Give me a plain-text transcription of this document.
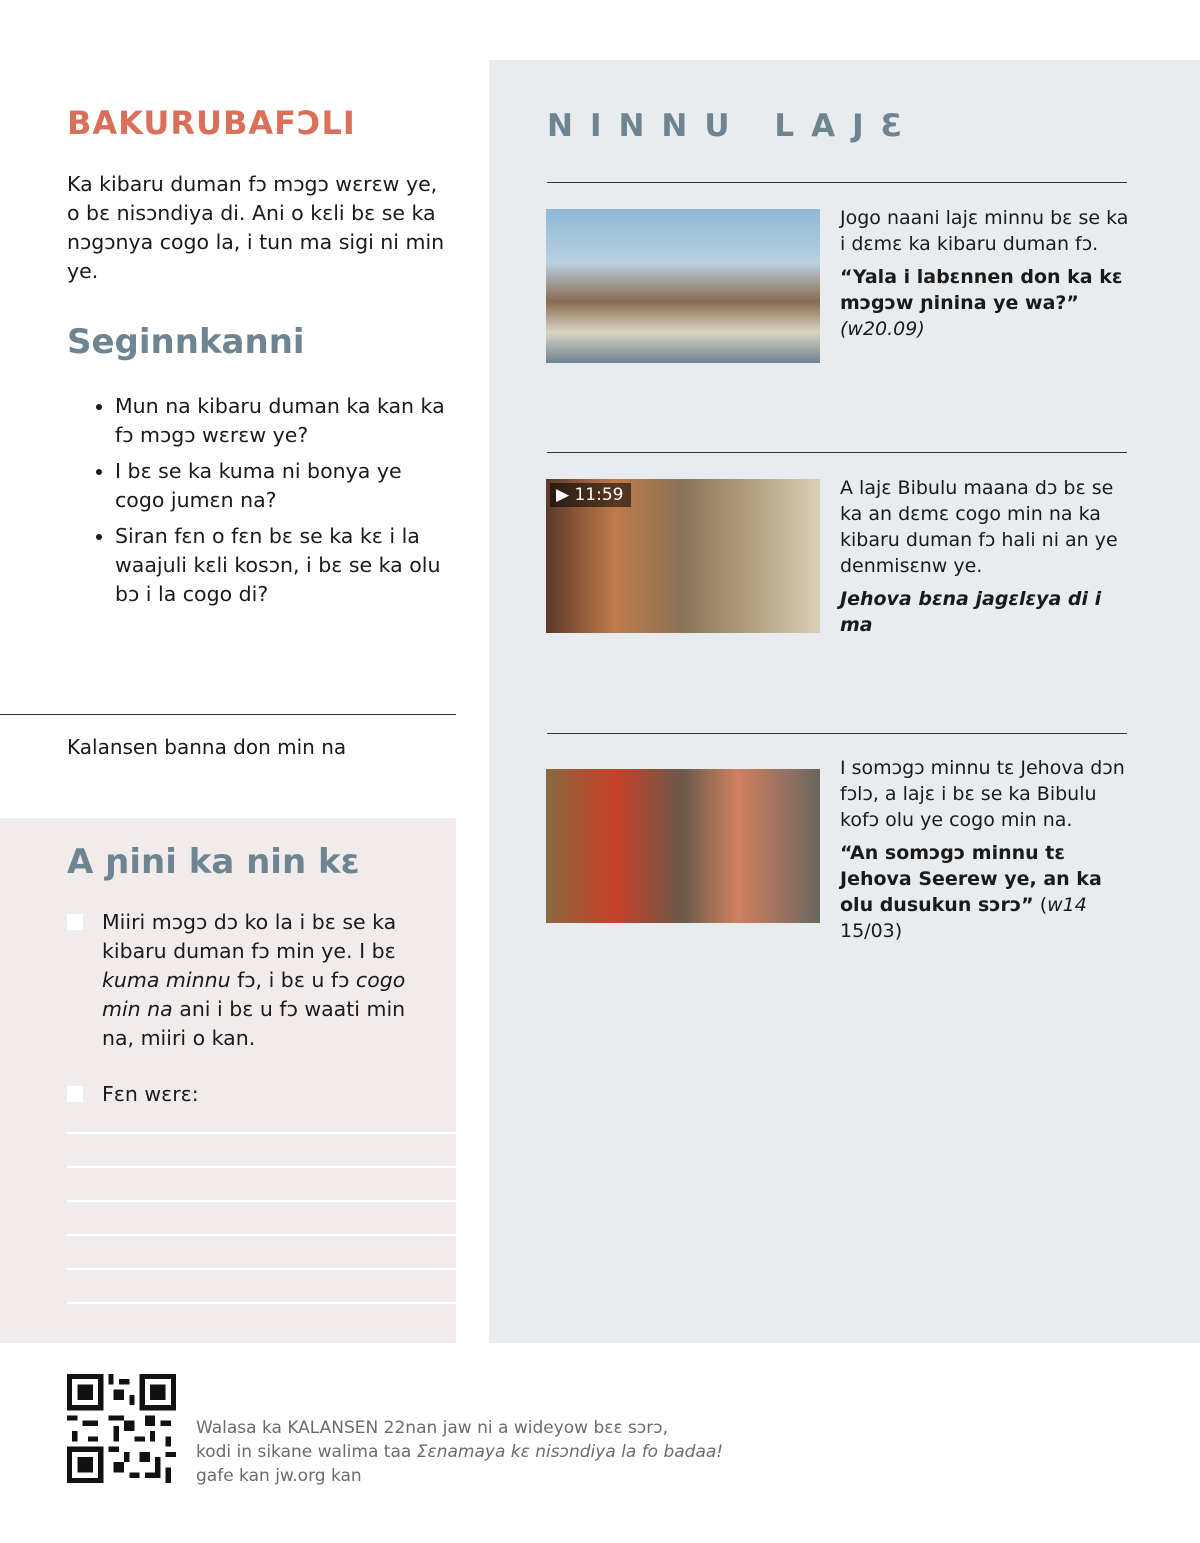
BAKURUBAFƆLI
Ka kibaru duman fɔ mɔgɔ wɛrɛw ye, o bɛ nisɔndiya di. Ani o kɛli bɛ se ka nɔgɔnya cogo la, i tun ma sigi ni min ye.
Seginnkanni
• Mun na kibaru duman ka kan ka fɔ mɔgɔ wɛrɛw ye?
• I bɛ se ka kuma ni bonya ye cogo jumɛn na?
• Siran fɛn o fɛn bɛ se ka kɛ i la waajuli kɛli kosɔn, i bɛ se ka olu bɔ i la cogo di?
Kalansen banna don min na
A ɲini ka nin kɛ
Miiri mɔgɔ dɔ ko la i bɛ se ka kibaru duman fɔ min ye. I bɛ kuma minnu fɔ, i bɛ u fɔ cogo min na ani i bɛ u fɔ waati min na, miiri o kan.
Fɛn wɛrɛ:
NINNU LAJƐ

Jogo naani lajɛ minnu bɛ se ka i dɛmɛ ka kibaru duman fɔ.

“Yala i labɛnnen don ka kɛ mɔgɔw ɲinina ye wa?”
(w20.09)

▶ 11:59	A lajɛ Bibulu maana dɔ bɛ se ka an dɛmɛ cogo min na ka kibaru duman fɔ hali ni an ye denmisɛnw ye.

Jehova bɛna jagɛlɛya di i ma

I somɔgɔ minnu tɛ Jehova dɔn fɔlɔ, a lajɛ i bɛ se ka Bibulu kofɔ olu ye cogo min na.

“An somɔgɔ minnu tɛ Jehova Seerew ye, an ka olu dusukun sɔrɔ” (w14 15/03)

Walasa ka KALANSEN 22nan jaw ni a wideyow bɛɛ sɔrɔ,
kodi in sikane walima taa Ʃɛnamaya kɛ nisɔndiya la fo badaa!
gafe kan jw.org kan
